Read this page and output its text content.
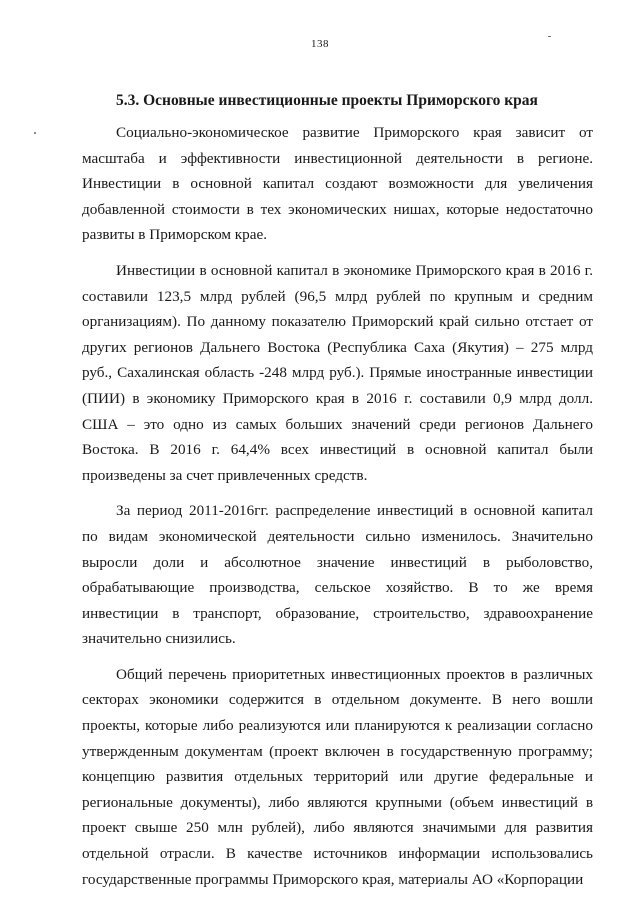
138
5.3. Основные инвестиционные проекты Приморского края

Социально-экономическое развитие Приморского края зависит от масштаба и эффективности инвестиционной деятельности в регионе. Инвестиции в основной капитал создают возможности для увеличения добавленной стоимости в тех экономических нишах, которые недостаточно развиты в Приморском крае.

Инвестиции в основной капитал в экономике Приморского края в 2016 г. составили 123,5 млрд рублей (96,5 млрд рублей по крупным и средним организациям). По данному показателю Приморский край сильно отстает от других регионов Дальнего Востока (Республика Саха (Якутия) – 275 млрд руб., Сахалинская область -248 млрд руб.). Прямые иностранные инвестиции (ПИИ) в экономику Приморского края в 2016 г. составили 0,9 млрд долл. США – это одно из самых больших значений среди регионов Дальнего Востока. В 2016 г. 64,4% всех инвестиций в основной капитал были произведены за счет привлеченных средств.

За период 2011-2016гг. распределение инвестиций в основной капитал по видам экономической деятельности сильно изменилось. Значительно выросли доли и абсолютное значение инвестиций в рыболовство, обрабатывающие производства, сельское хозяйство. В то же время инвестиции в транспорт, образование, строительство, здравоохранение значительно снизились.

Общий перечень приоритетных инвестиционных проектов в различных секторах экономики содержится в отдельном документе. В него вошли проекты, которые либо реализуются или планируются к реализации согласно утвержденным документам (проект включен в государственную программу; концепцию развития отдельных территорий или другие федеральные и региональные документы), либо являются крупными (объем инвестиций в проект свыше 250 млн рублей), либо являются значимыми для развития отдельной отрасли. В качестве источников информации использовались государственные программы Приморского края, материалы АО «Корпорации
